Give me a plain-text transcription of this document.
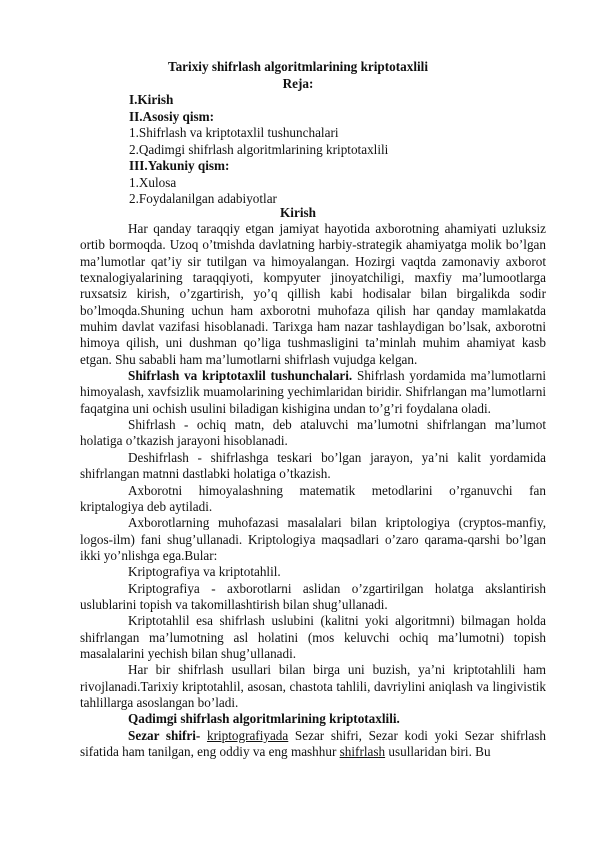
Tarixiy shifrlash algoritmlarining kriptotaxlili
Reja:
I.Kirish
II.Asosiy qism:
1.Shifrlash va kriptotaxlil tushunchalari
2.Qadimgi shifrlash algoritmlarining kriptotaxlili
III.Yakuniy qism:
1.Xulosa
2.Foydalanilgan adabiyotlar
Kirish

Har qanday taraqqiy etgan jamiyat hayotida axborotning ahamiyati uzluksiz ortib bormoqda. Uzoq o’tmishda davlatning harbiy-strategik ahamiyatga molik bo’lgan ma’lumotlar qat’iy sir tutilgan va himoyalangan. Hozirgi vaqtda zamonaviy axborot texnalogiyalarining taraqqiyoti, kompyuter jinoyatchiligi, maxfiy ma’lumootlarga ruxsatsiz kirish, o’zgartirish, yo’q qillish kabi hodisalar bilan birgalikda sodir bo’lmoqda.Shuning uchun ham axborotni muhofaza qilish har qanday mamlakatda muhim davlat vazifasi hisoblanadi. Tarixga ham nazar tashlaydigan bo’lsak, axborotni himoya qilish, uni dushman qo’liga tushmasligini ta’minlah muhim ahamiyat kasb etgan. Shu sababli ham ma’lumotlarni shifrlash vujudga kelgan.

Shifrlash va kriptotaxlil tushunchalari. Shifrlash yordamida ma’lumotlarni himoyalash, xavfsizlik muamolarining yechimlaridan biridir. Shifrlangan ma’lumotlarni faqatgina uni ochish usulini biladigan kishigina undan to’g’ri foydalana oladi.

Shifrlash - ochiq matn, deb ataluvchi ma’lumotni shifrlangan ma’lumot holatiga o’tkazish jarayoni hisoblanadi.

Deshifrlash - shifrlashga teskari bo’lgan jarayon, ya’ni kalit yordamida shifrlangan matnni dastlabki holatiga o’tkazish.

Axborotni himoyalashning matematik metodlarini o’rganuvchi fan kriptalogiya deb aytiladi.

Axborotlarning muhofazasi masalalari bilan kriptologiya (cryptos-manfiy, logos-ilm) fani shug’ullanadi. Kriptologiya maqsadlari o’zaro qarama-qarshi bo’lgan ikki yo’nlishga ega.Bular:

Kriptografiya va kriptotahlil.

Kriptografiya - axborotlarni aslidan o’zgartirilgan holatga akslantirish uslublarini topish va takomillashtirish bilan shug’ullanadi.

Kriptotahlil esa shifrlash uslubini (kalitni yoki algoritmni) bilmagan holda shifrlangan ma’lumotning asl holatini (mos keluvchi ochiq ma’lumotni) topish masalalarini yechish bilan shug’ullanadi.

Har bir shifrlash usullari bilan birga uni buzish, ya’ni kriptotahlili ham rivojlanadi.Tarixiy kriptotahlil, asosan, chastota tahlili, davriylini aniqlash va lingivistik tahlillarga asoslangan bo’ladi.

Qadimgi shifrlash algoritmlarining kriptotaxlili.

Sezar shifri- kriptografiyada Sezar shifri, Sezar kodi yoki Sezar shifrlash sifatida ham tanilgan, eng oddiy va eng mashhur shifrlash usullaridan biri. Bu
